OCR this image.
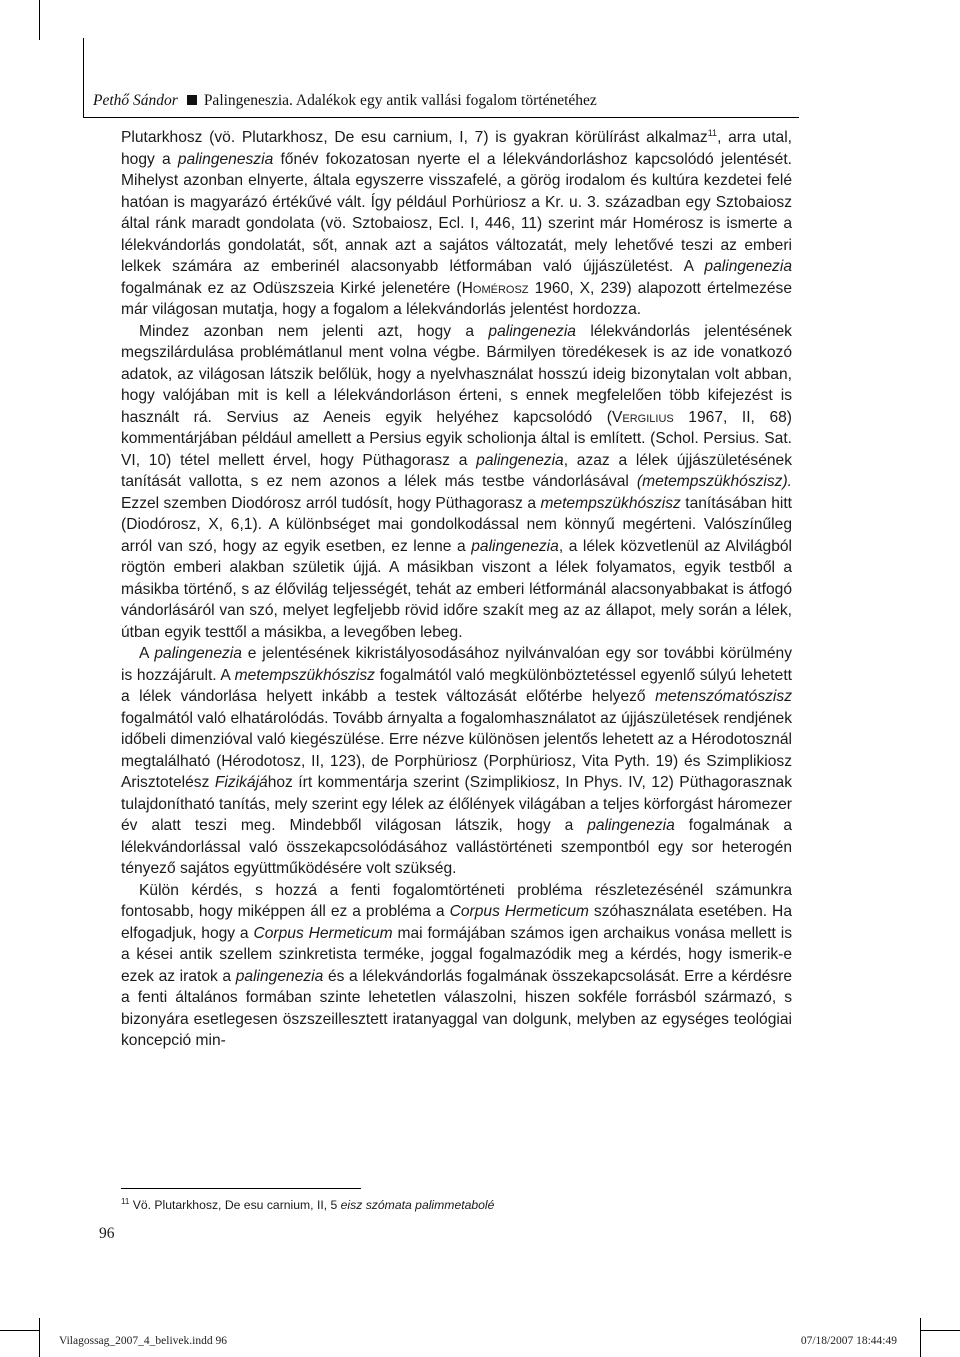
Pethő Sándor Palingeneszia. Adalékok egy antik vallási fogalom történetéhez

Plutarkhosz (vö. Plutarkhosz, De esu carnium, I, 7) is gyakran körülírást alkalmaz$^{11}$, arra utal, hogy a palingeneszia főnév fokozatosan nyerte el a lélekvándorláshoz kapcsolódó jelentését. Mihelyst azonban elnyerte, általa egyszerre visszafelé, a görög irodalom és kultúra kezdetei felé hatóan is magyarázó értékűvé vált. Így például Porhüriosz a Kr. u. 3. században egy Sztobaiosz által ránk maradt gondolata (vö. Sztobaiosz, Ecl. I, 446, 11) szerint már Homérosz is ismerte a lélekvándorlás gondolatát, sőt, annak azt a sajátos változatát, mely lehetővé teszi az emberi lelkek számára az emberinél alacsonyabb létformában való újjászületést. A palingenezia fogalmának ez az Odüszszeia Kirké jelenetére (Homérosz 1960, X, 239) alapozott értelmezése már világosan mutatja, hogy a fogalom a lélekvándorlás jelentést hordozza.

Mindez azonban nem jelenti azt, hogy a palingenezia lélekvándorlás jelentésének megszilárdulása problémátlanul ment volna végbe. Bármilyen töredékesek is az ide vonatkozó adatok, az világosan látszik belőlük, hogy a nyelvhasználat hosszú ideig bizonytalan volt abban, hogy valójában mit is kell a lélekvándorláson érteni, s ennek megfelelően több kifejezést is használt rá. Servius az Aeneis egyik helyéhez kapcsolódó (Vergilius 1967, II, 68) kommentárjában például amellett a Persius egyik scholionja által is említett. (Schol. Persius. Sat. VI, 10) tétel mellett érvel, hogy Püthagorasz a palingenezia, azaz a lélek újjászületésének tanítását vallotta, s ez nem azonos a lélek más testbe vándorlásával (metempszükhószisz). Ezzel szemben Diodórosz arról tudósít, hogy Püthagorasz a metempszükhószisz tanításában hitt (Diodórosz, X, 6,1). A különbséget mai gondolkodással nem könnyű megérteni. Valószínűleg arról van szó, hogy az egyik esetben, ez lenne a palingenezia, a lélek közvetlenül az Alvilágból rögtön emberi alakban születik újjá. A másikban viszont a lélek folyamatos, egyik testből a másikba történő, s az élővilág teljességét, tehát az emberi létformánál alacsonyabbakat is átfogó vándorlásáról van szó, melyet legfeljebb rövid időre szakít meg az az állapot, mely során a lélek, útban egyik testtől a másikba, a levegőben lebeg.

A palingenezia e jelentésének kikristályosodásához nyilvánvalóan egy sor további körülmény is hozzájárult. A metempszükhószisz fogalmától való megkülönböztetéssel egyenlő súlyú lehetett a lélek vándorlása helyett inkább a testek változását előtérbe helyező metenszómatószisz fogalmától való elhatárolódás. Tovább árnyalta a fogalomhasználatot az újjászületések rendjének időbeli dimenzióval való kiegészülése. Erre nézve különösen jelentős lehetett az a Hérodotosznál megtalálható (Hérodotosz, II, 123), de Porphüriosz (Porphüriosz, Vita Pyth. 19) és Szimplikiosz Arisztotelész Fizikájához írt kommentárja szerint (Szimplikiosz, In Phys. IV, 12) Püthagorasznak tulajdonítható tanítás, mely szerint egy lélek az élőlények világában a teljes körforgást háromezer év alatt teszi meg. Mindebből világosan látszik, hogy a palingenezia fogalmának a lélekvándorlással való összekapcsolódásához vallástörténeti szempontból egy sor heterogén tényező sajátos együttműködésére volt szükség.

Külön kérdés, s hozzá a fenti fogalomtörténeti probléma részletezésénél számunkra fontosabb, hogy miképpen áll ez a probléma a Corpus Hermeticum szóhasználata esetében. Ha elfogadjuk, hogy a Corpus Hermeticum mai formájában számos igen archaikus vonása mellett is a kései antik szellem szinkretista terméke, joggal fogalmazódik meg a kérdés, hogy ismerik-e ezek az iratok a palingenezia és a lélekvándorlás fogalmának összekapcsolását. Erre a kérdésre a fenti általános formában szinte lehetetlen válaszolni, hiszen sokféle forrásból származó, s bizonyára esetlegesen öszszeillesztett iratanyaggal van dolgunk, melyben az egységes teológiai koncepció min-

$^{11}$ Vö. Plutarkhosz, De esu carnium, II, 5 eisz szómata palimmetabolé
96
Vilagossag_2007_4_belivek.indd 96	07/18/2007 18:44:49
